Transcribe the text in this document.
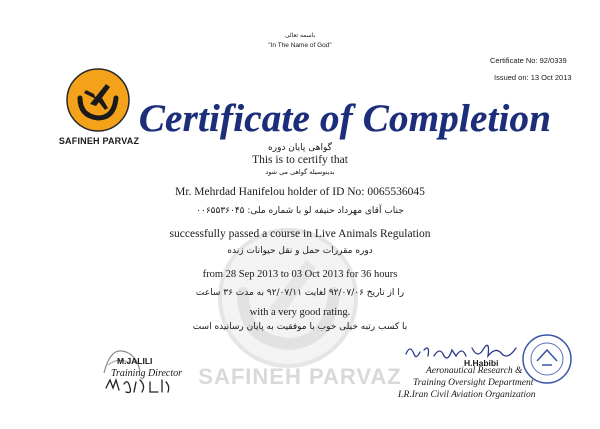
باسمه تعالی
"In The Name of God"
Certificate No: 92/0339
Issued on: 13 Oct 2013
SAFINEH PARVAZ
SAFINEH PARVAZ
Certificate of Completion
گواهی پایان دوره
This is to certify that
بدینوسیله گواهی می شود
Mr. Mehrdad Hanifelou holder of ID No: 0065536045
جناب آقای مهرداد حنیفه لو با شماره ملی: ۰۰۶۵۵۳۶۰۴۵
successfully passed a course in Live Animals Regulation
دوره مقررات حمل و نقل حیوانات زنده
from 28 Sep 2013 to 03 Oct 2013 for 36 hours
را از تاریخ ۹۲/۰۷/۰۶ لغایت ۹۲/۰۷/۱۱ به مدت ۳۶ ساعت
with a very good rating.
با کسب رتبه خیلی خوب با موفقیت به پایان رسانیده است
M.JALILI
Training Director
H.Habibi
Aeronautical Research &
Training Oversight Department
I.R.Iran Civil Aviation Organization
